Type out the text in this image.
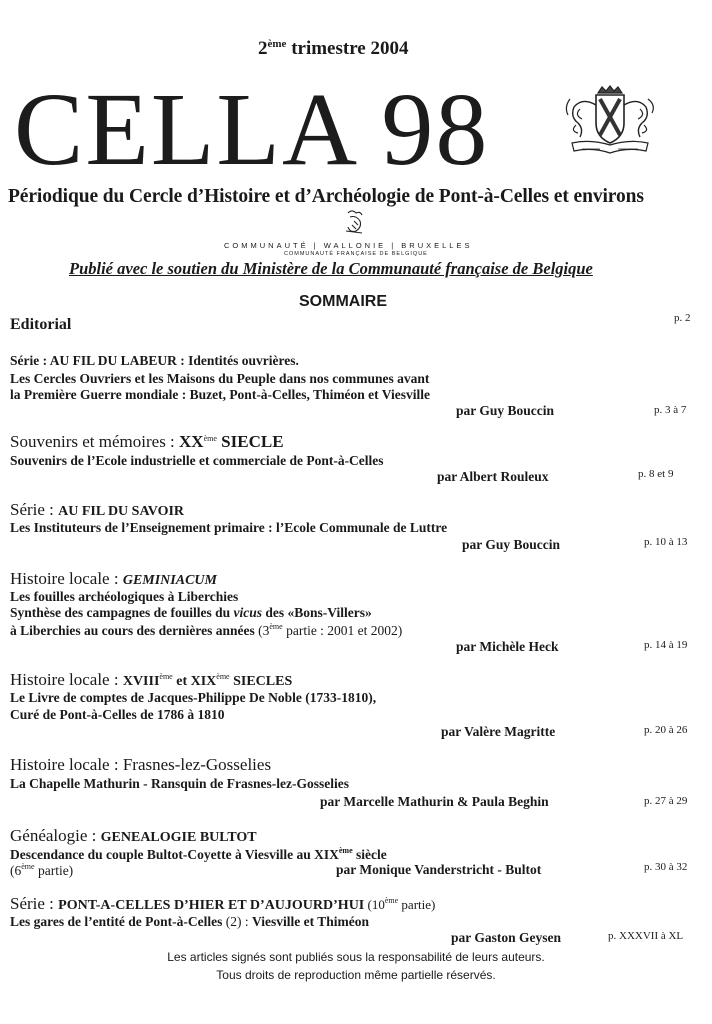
2ème trimestre 2004
CELLA 98
Périodique du Cercle d’Histoire et d’Archéologie de Pont-à-Celles et environs
COMMUNAUTÉ | WALLONIE | BRUXELLES
COMMUNAUTÉ FRANÇAISE DE BELGIQUE
Publié avec le soutien du Ministère de la Communauté française de Belgique
SOMMAIRE
Editorial	p. 2
Série : AU FIL DU LABEUR : Identités ouvrières.
Les Cercles Ouvriers et les Maisons du Peuple dans nos communes avant
la Première Guerre mondiale : Buzet, Pont-à-Celles, Thiméon et Viesville
par Guy Bouccin	p. 3 à 7
Souvenirs et mémoires : XXème SIECLE
Souvenirs de l’Ecole industrielle et commerciale de Pont-à-Celles
par Albert Rouleux	p. 8 et 9
Série : AU FIL DU SAVOIR
Les Instituteurs de l’Enseignement primaire : l’Ecole Communale de Luttre
par Guy Bouccin	p. 10 à 13
Histoire locale : GEMINIACUM
Les fouilles archéologiques à Liberchies
Synthèse des campagnes de fouilles du vicus des «Bons-Villers»
à Liberchies au cours des dernières années (3ème partie : 2001 et 2002)
par Michèle Heck	p. 14 à 19
Histoire locale : XVIIIème et XIXème SIECLES
Le Livre de comptes de Jacques-Philippe De Noble (1733-1810),
Curé de Pont-à-Celles de 1786 à 1810
par Valère Magritte	p. 20 à 26
Histoire locale : Frasnes-lez-Gosselies
La Chapelle Mathurin - Ransquin de Frasnes-lez-Gosselies
par Marcelle Mathurin & Paula Beghin	p. 27 à 29
Généalogie : GENEALOGIE BULTOT
Descendance du couple Bultot-Coyette à Viesville au XIXème siècle
(6ème partie)	par Monique Vanderstricht - Bultot	p. 30 à 32
Série : PONT-A-CELLES D’HIER ET D’AUJOURD’HUI (10ème partie)
Les gares de l’entité de Pont-à-Celles (2) : Viesville et Thiméon
par Gaston Geysen	p. XXXVII à XL
Les articles signés sont publiés sous la responsabilité de leurs auteurs.
Tous droits de reproduction même partielle réservés.
